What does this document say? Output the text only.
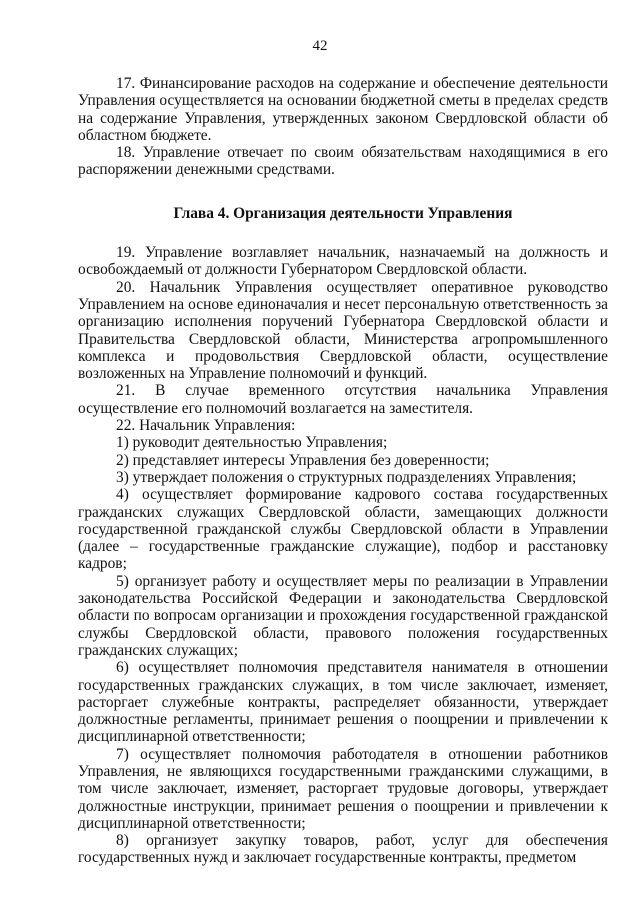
42

17. Финансирование расходов на содержание и обеспечение деятельности Управления осуществляется на основании бюджетной сметы в пределах средств на содержание Управления, утвержденных законом Свердловской области об областном бюджете.

18. Управление отвечает по своим обязательствам находящимися в его распоряжении денежными средствами.

Глава 4. Организация деятельности Управления

19. Управление возглавляет начальник, назначаемый на должность и освобождаемый от должности Губернатором Свердловской области.

20. Начальник Управления осуществляет оперативное руководство Управлением на основе единоначалия и несет персональную ответственность за организацию исполнения поручений Губернатора Свердловской области и Правительства Свердловской области, Министерства агропромышленного комплекса и продовольствия Свердловской области, осуществление возложенных на Управление полномочий и функций.

21. В случае временного отсутствия начальника Управления осуществление его полномочий возлагается на заместителя.

22. Начальник Управления:

1) руководит деятельностью Управления;

2) представляет интересы Управления без доверенности;

3) утверждает положения о структурных подразделениях Управления;

4) осуществляет формирование кадрового состава государственных гражданских служащих Свердловской области, замещающих должности государственной гражданской службы Свердловской области в Управлении (далее – государственные гражданские служащие), подбор и расстановку кадров;

5) организует работу и осуществляет меры по реализации в Управлении законодательства Российской Федерации и законодательства Свердловской области по вопросам организации и прохождения государственной гражданской службы Свердловской области, правового положения государственных гражданских служащих;

6) осуществляет полномочия представителя нанимателя в отношении государственных гражданских служащих, в том числе заключает, изменяет, расторгает служебные контракты, распределяет обязанности, утверждает должностные регламенты, принимает решения о поощрении и привлечении к дисциплинарной ответственности;

7) осуществляет полномочия работодателя в отношении работников Управления, не являющихся государственными гражданскими служащими, в том числе заключает, изменяет, расторгает трудовые договоры, утверждает должностные инструкции, принимает решения о поощрении и привлечении к дисциплинарной ответственности;

8) организует закупку товаров, работ, услуг для обеспечения государственных нужд и заключает государственные контракты, предметом
